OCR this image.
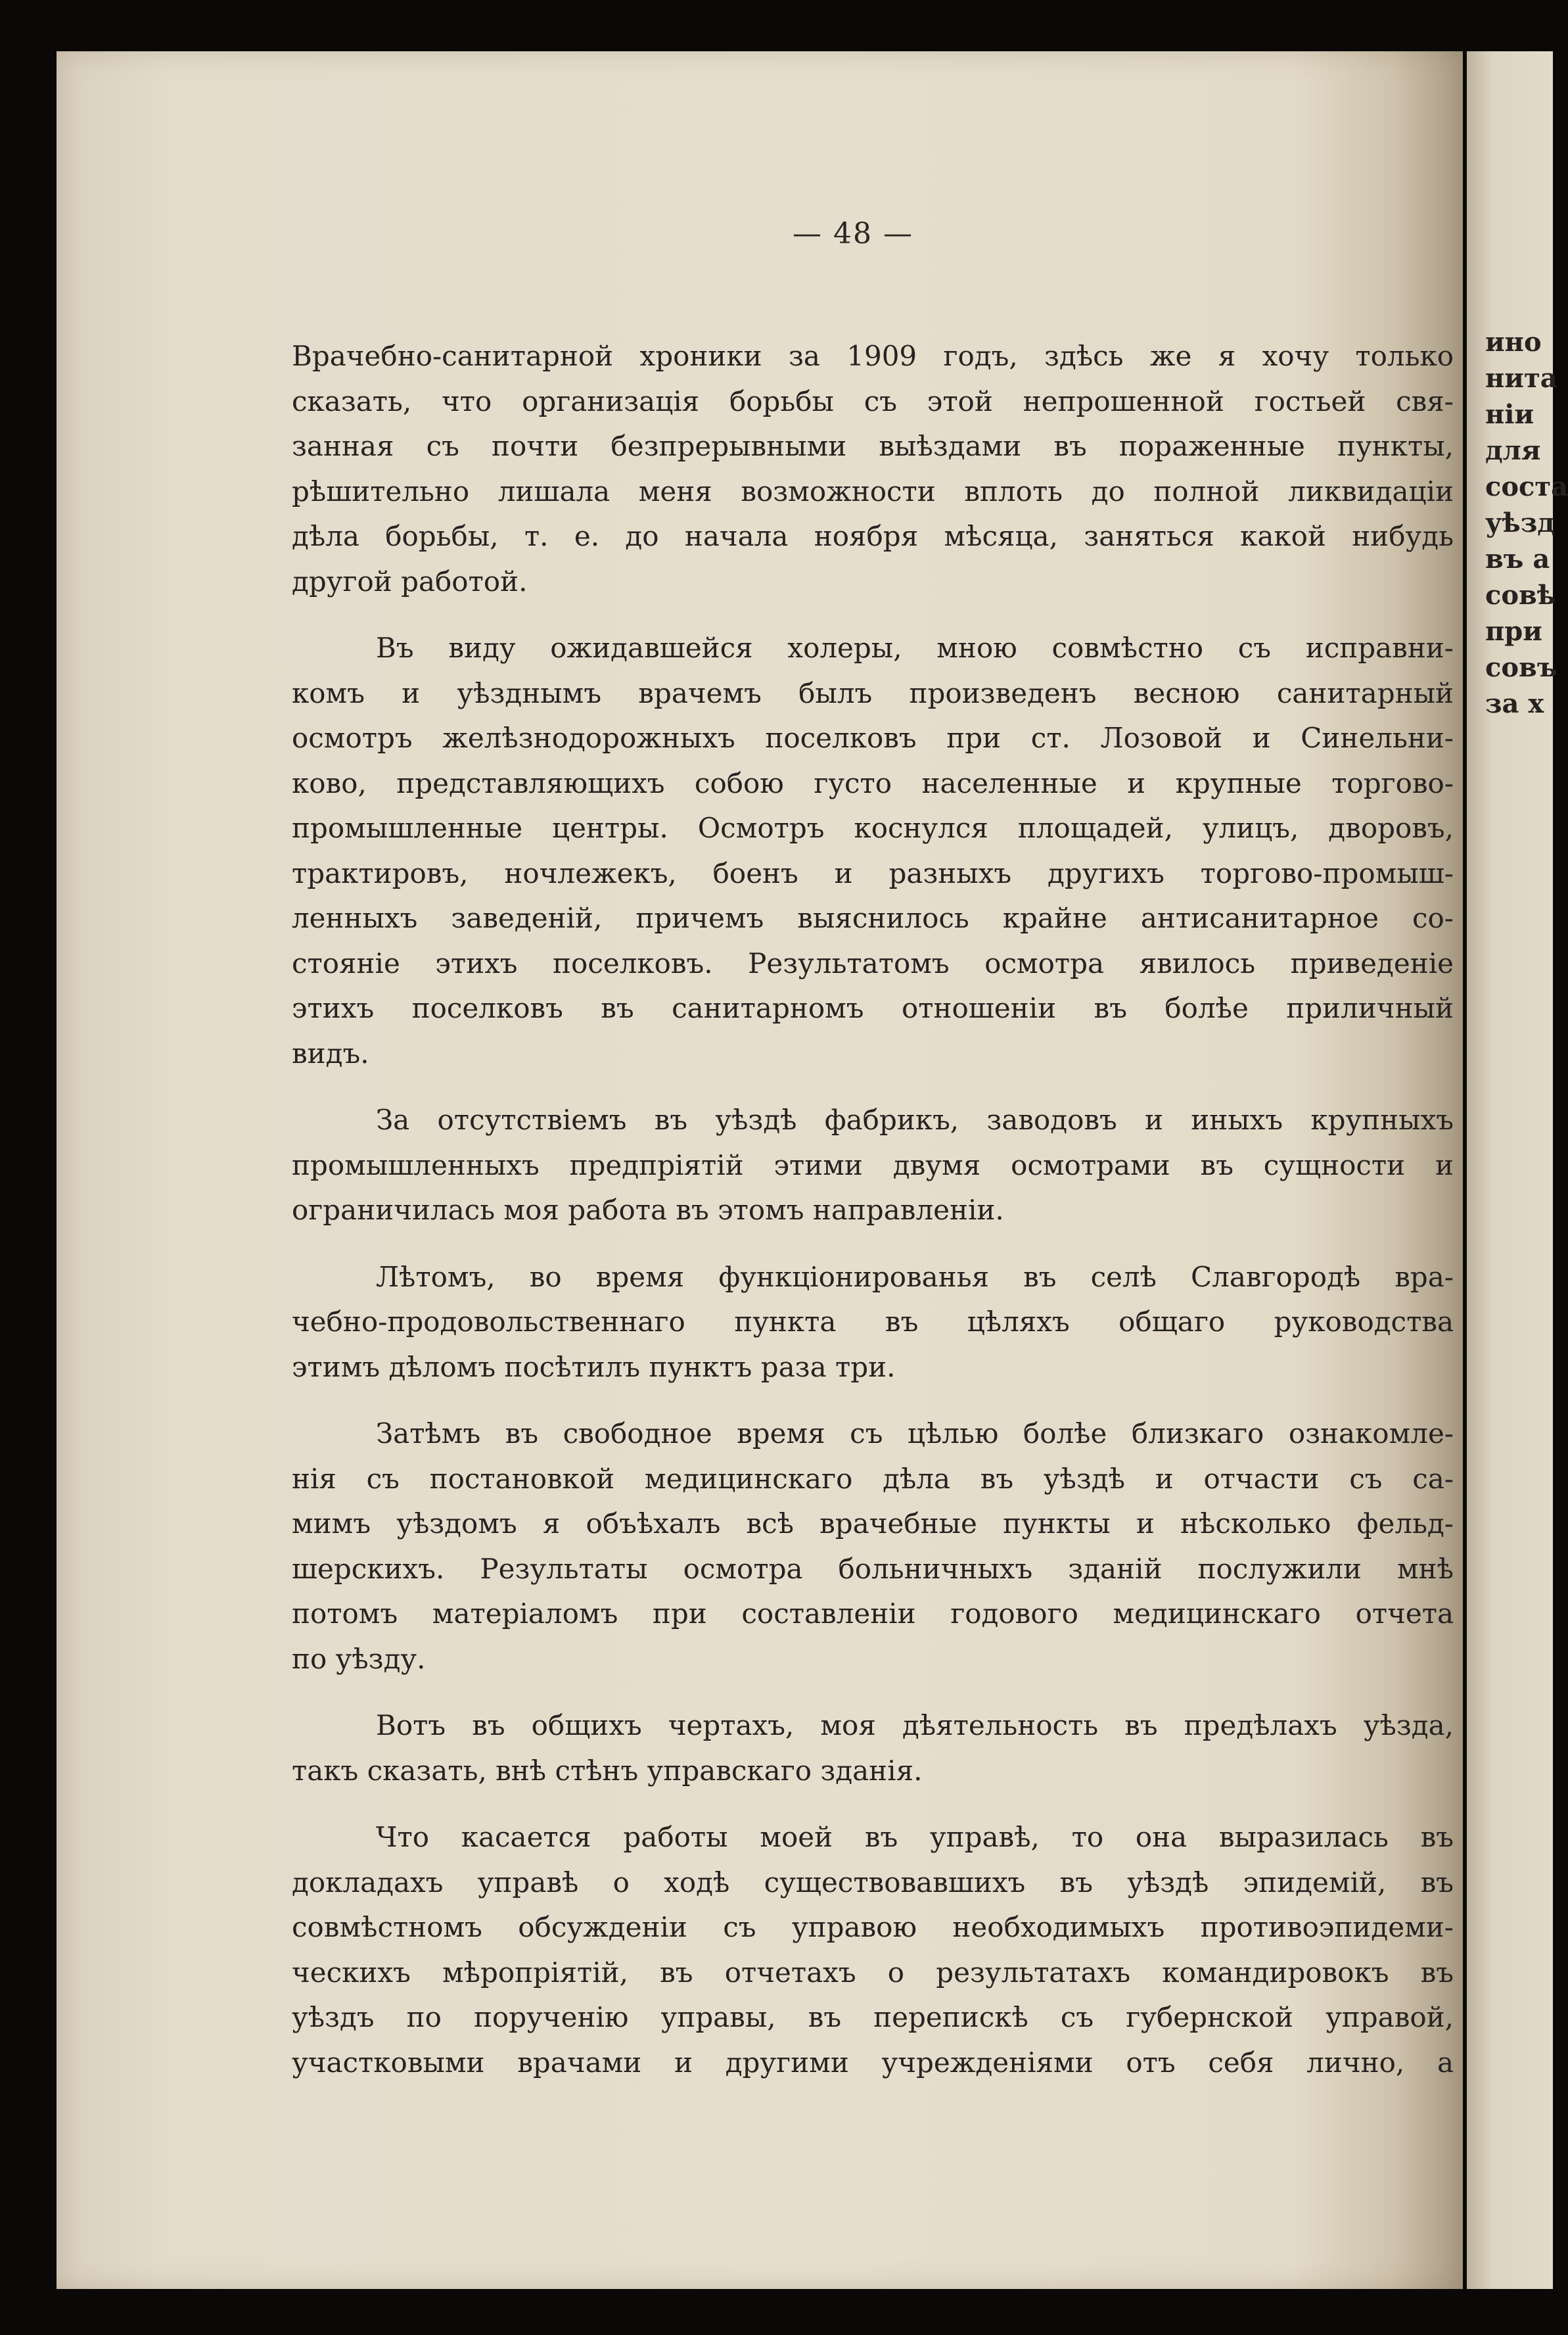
— 48 —

Врачебно-санитарной хроники за 1909 годъ, здѣсь же я хочу только
сказать, что организація борьбы съ этой непрошенной гостьей свя-
занная съ почти безпрерывными выѣздами въ пораженные пункты,
рѣшительно лишала меня возможности вплоть до полной ликвидаціи
дѣла борьбы, т. е. до начала ноября мѣсяца, заняться какой нибудь
другой работой.

Въ виду ожидавшейся холеры, мною совмѣстно съ исправни-
комъ и уѣзднымъ врачемъ былъ произведенъ весною санитарный
осмотръ желѣзнодорожныхъ поселковъ при ст. Лозовой и Синельни-
ково, представляющихъ собою густо населенные и крупные торгово-
промышленные центры. Осмотръ коснулся площадей, улицъ, дворовъ,
трактировъ, ночлежекъ, боенъ и разныхъ другихъ торгово-промыш-
ленныхъ заведеній, причемъ выяснилось крайне антисанитарное со-
стояніе этихъ поселковъ. Результатомъ осмотра явилось приведеніе
этихъ поселковъ въ санитарномъ отношеніи въ болѣе приличный
видъ.

За отсутствіемъ въ уѣздѣ фабрикъ, заводовъ и иныхъ крупныхъ
промышленныхъ предпріятій этими двумя осмотрами въ сущности и
ограничилась моя работа въ этомъ направленіи.

Лѣтомъ, во время функціонированья въ селѣ Славгородѣ вра-
чебно-продовольственнаго пункта въ цѣляхъ общаго руководства
этимъ дѣломъ посѣтилъ пунктъ раза три.

Затѣмъ въ свободное время съ цѣлью болѣе близкаго ознакомле-
нія съ постановкой медицинскаго дѣла въ уѣздѣ и отчасти съ са-
мимъ уѣздомъ я объѣхалъ всѣ врачебные пункты и нѣсколько фельд-
шерскихъ. Результаты осмотра больничныхъ зданій послужили мнѣ
потомъ матеріаломъ при составленіи годового медицинскаго отчета
по уѣзду.

Вотъ въ общихъ чертахъ, моя дѣятельность въ предѣлахъ уѣзда,
такъ сказать, внѣ стѣнъ управскаго зданія.

Что касается работы моей въ управѣ, то она выразилась въ
докладахъ управѣ о ходѣ существовавшихъ въ уѣздѣ эпидемій, въ
совмѣстномъ обсужденіи съ управою необходимыхъ противоэпидеми-
ческихъ мѣропріятій, въ отчетахъ о результатахъ командировокъ въ
уѣздъ по порученію управы, въ перепискѣ съ губернской управой,
участковыми врачами и другими учрежденіями отъ себя лично, а

ино
нита
ніи
для
соста
уѣзд
въ а
совѣ
при
совъ
за х
